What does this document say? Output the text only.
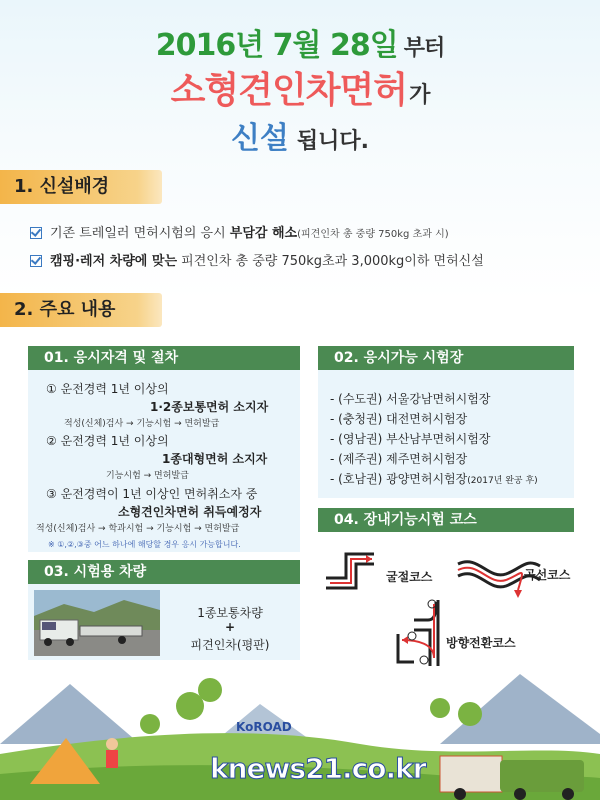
2016년 7월 28일 부터
소형견인차면허가
신설 됩니다.
1. 신설배경
기존 트레일러 면허시험의 응시 부담감 해소(피견인차 총 중량 750kg 초과 시)
캠핑·레저 차량에 맞는 피견인차 총 중량 750kg초과 3,000kg이하 면허신설
2. 주요 내용
01. 응시자격 및 절차
① 운전경력 1년 이상의
1·2종보통면허 소지자
적성(신체)검사 → 기능시험 → 면허발급
② 운전경력 1년 이상의
1종대형면허 소지자
기능시험 → 면허발급
③ 운전경력이 1년 이상인 면허취소자 중
소형견인차면허 취득예정자
적성(신체)검사 → 학과시험 → 기능시험 → 면허발급
※ ①,②,③중 어느 하나에 해당할 경우 응시 가능합니다.
02. 응시가능 시험장
- (수도권) 서울강남면허시험장
- (충청권) 대전면허시험장
- (영남권) 부산남부면허시험장
- (제주권) 제주면허시험장
- (호남권) 광양면허시험장(2017년 완공 후)
04. 장내기능시험 코스
굴절코스	곡선코스
방향전환코스
03. 시험용 차량
1종보통차량
+
피견인차(평판)
KoROAD
knews21.co.kr
